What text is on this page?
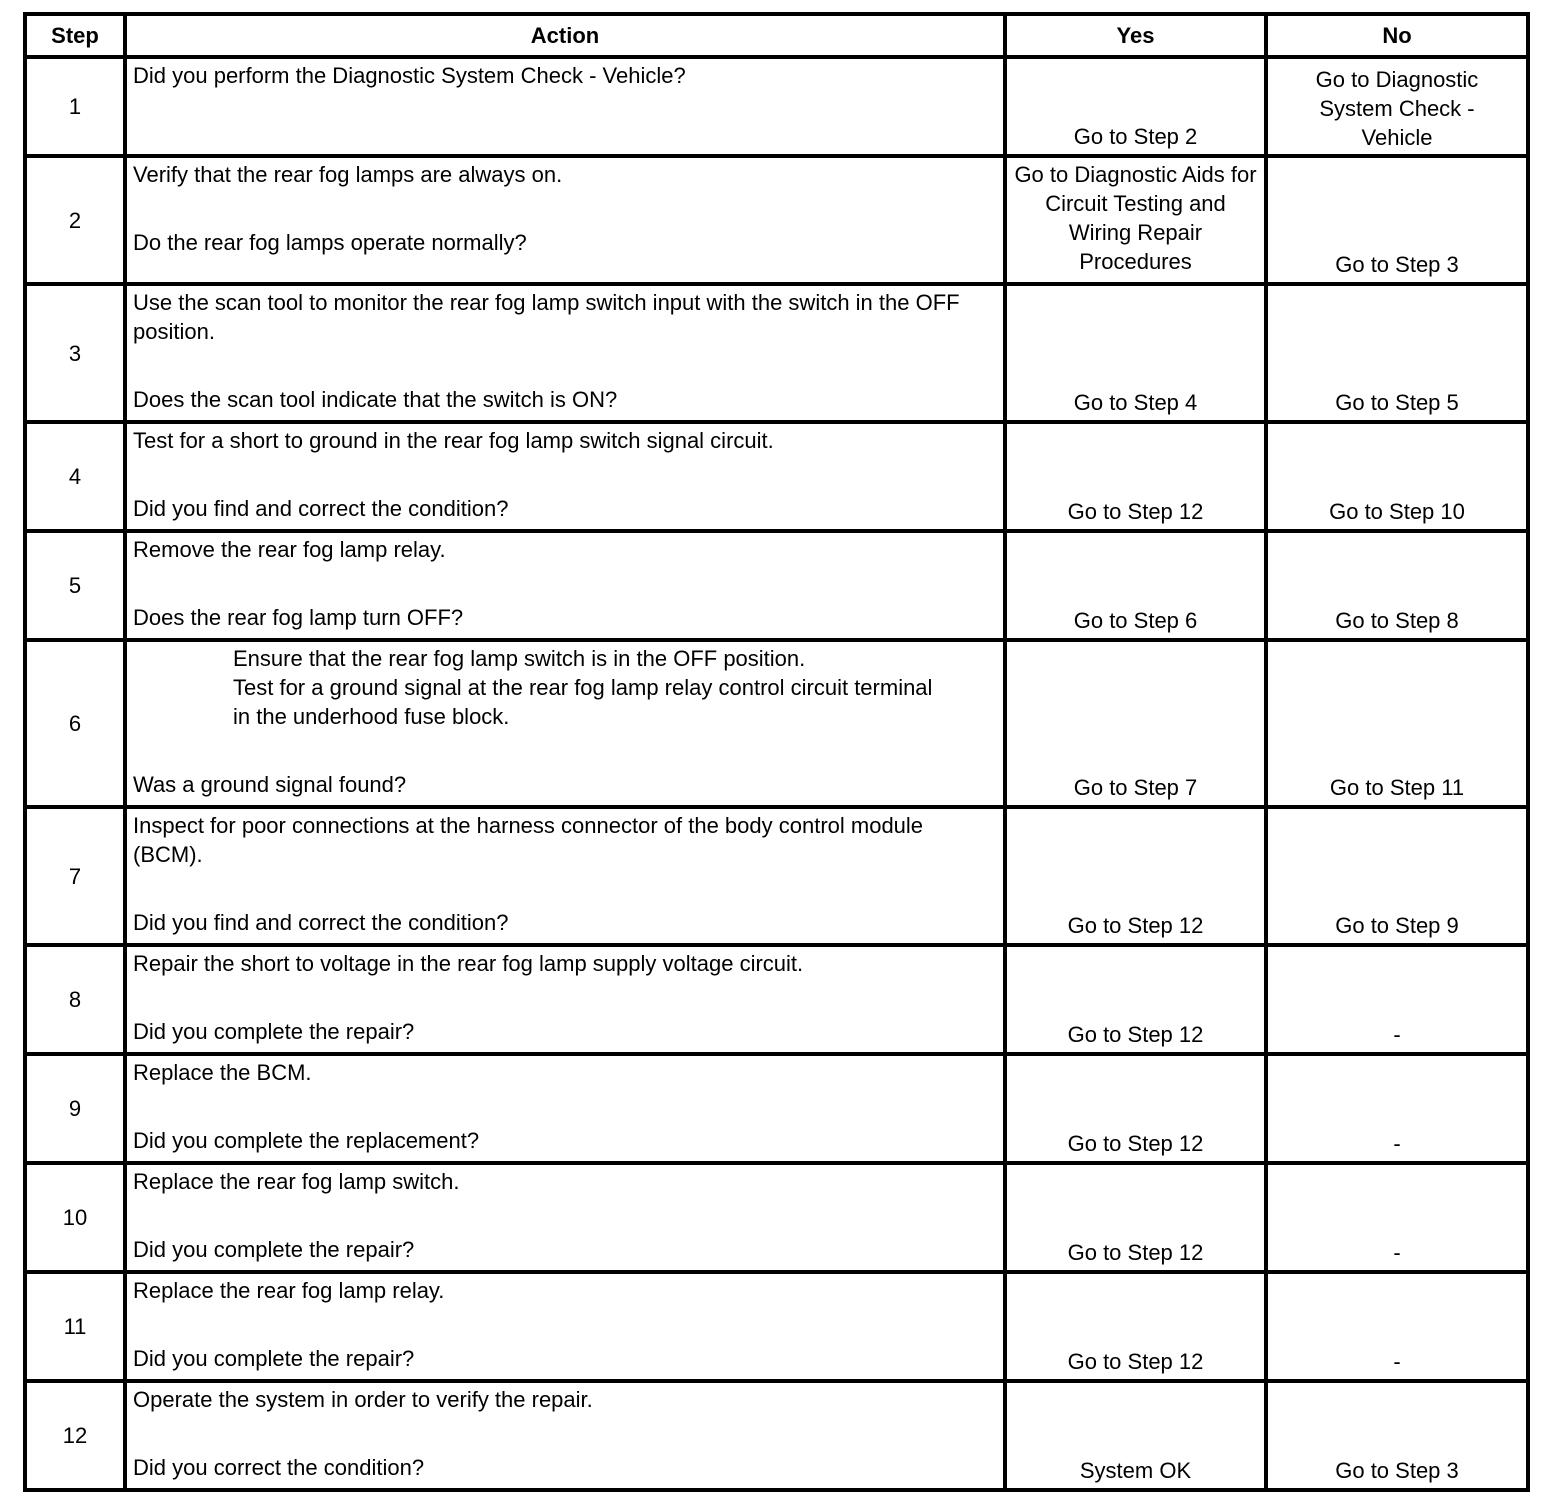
Step	Action	Yes	No
1	Did you perform the Diagnostic System Check - Vehicle?	Go to Step 2	Go to Diagnostic System Check - Vehicle
2	Verify that the rear fog lamps are always on.
Do the rear fog lamps operate normally?	Go to Diagnostic Aids for Circuit Testing and Wiring Repair Procedures	Go to Step 3
3	Use the scan tool to monitor the rear fog lamp switch input with the switch in the OFF position.
Does the scan tool indicate that the switch is ON?	Go to Step 4	Go to Step 5
4	Test for a short to ground in the rear fog lamp switch signal circuit.
Did you find and correct the condition?	Go to Step 12	Go to Step 10
5	Remove the rear fog lamp relay.
Does the rear fog lamp turn OFF?	Go to Step 6	Go to Step 8
6	Ensure that the rear fog lamp switch is in the OFF position.
Test for a ground signal at the rear fog lamp relay control circuit terminal in the underhood fuse block.
Was a ground signal found?	Go to Step 7	Go to Step 11
7	Inspect for poor connections at the harness connector of the body control module (BCM).
Did you find and correct the condition?	Go to Step 12	Go to Step 9
8	Repair the short to voltage in the rear fog lamp supply voltage circuit.
Did you complete the repair?	Go to Step 12	-
9	Replace the BCM.
Did you complete the replacement?	Go to Step 12	-
10	Replace the rear fog lamp switch.
Did you complete the repair?	Go to Step 12	-
11	Replace the rear fog lamp relay.
Did you complete the repair?	Go to Step 12	-
12	Operate the system in order to verify the repair.
Did you correct the condition?	System OK	Go to Step 3
